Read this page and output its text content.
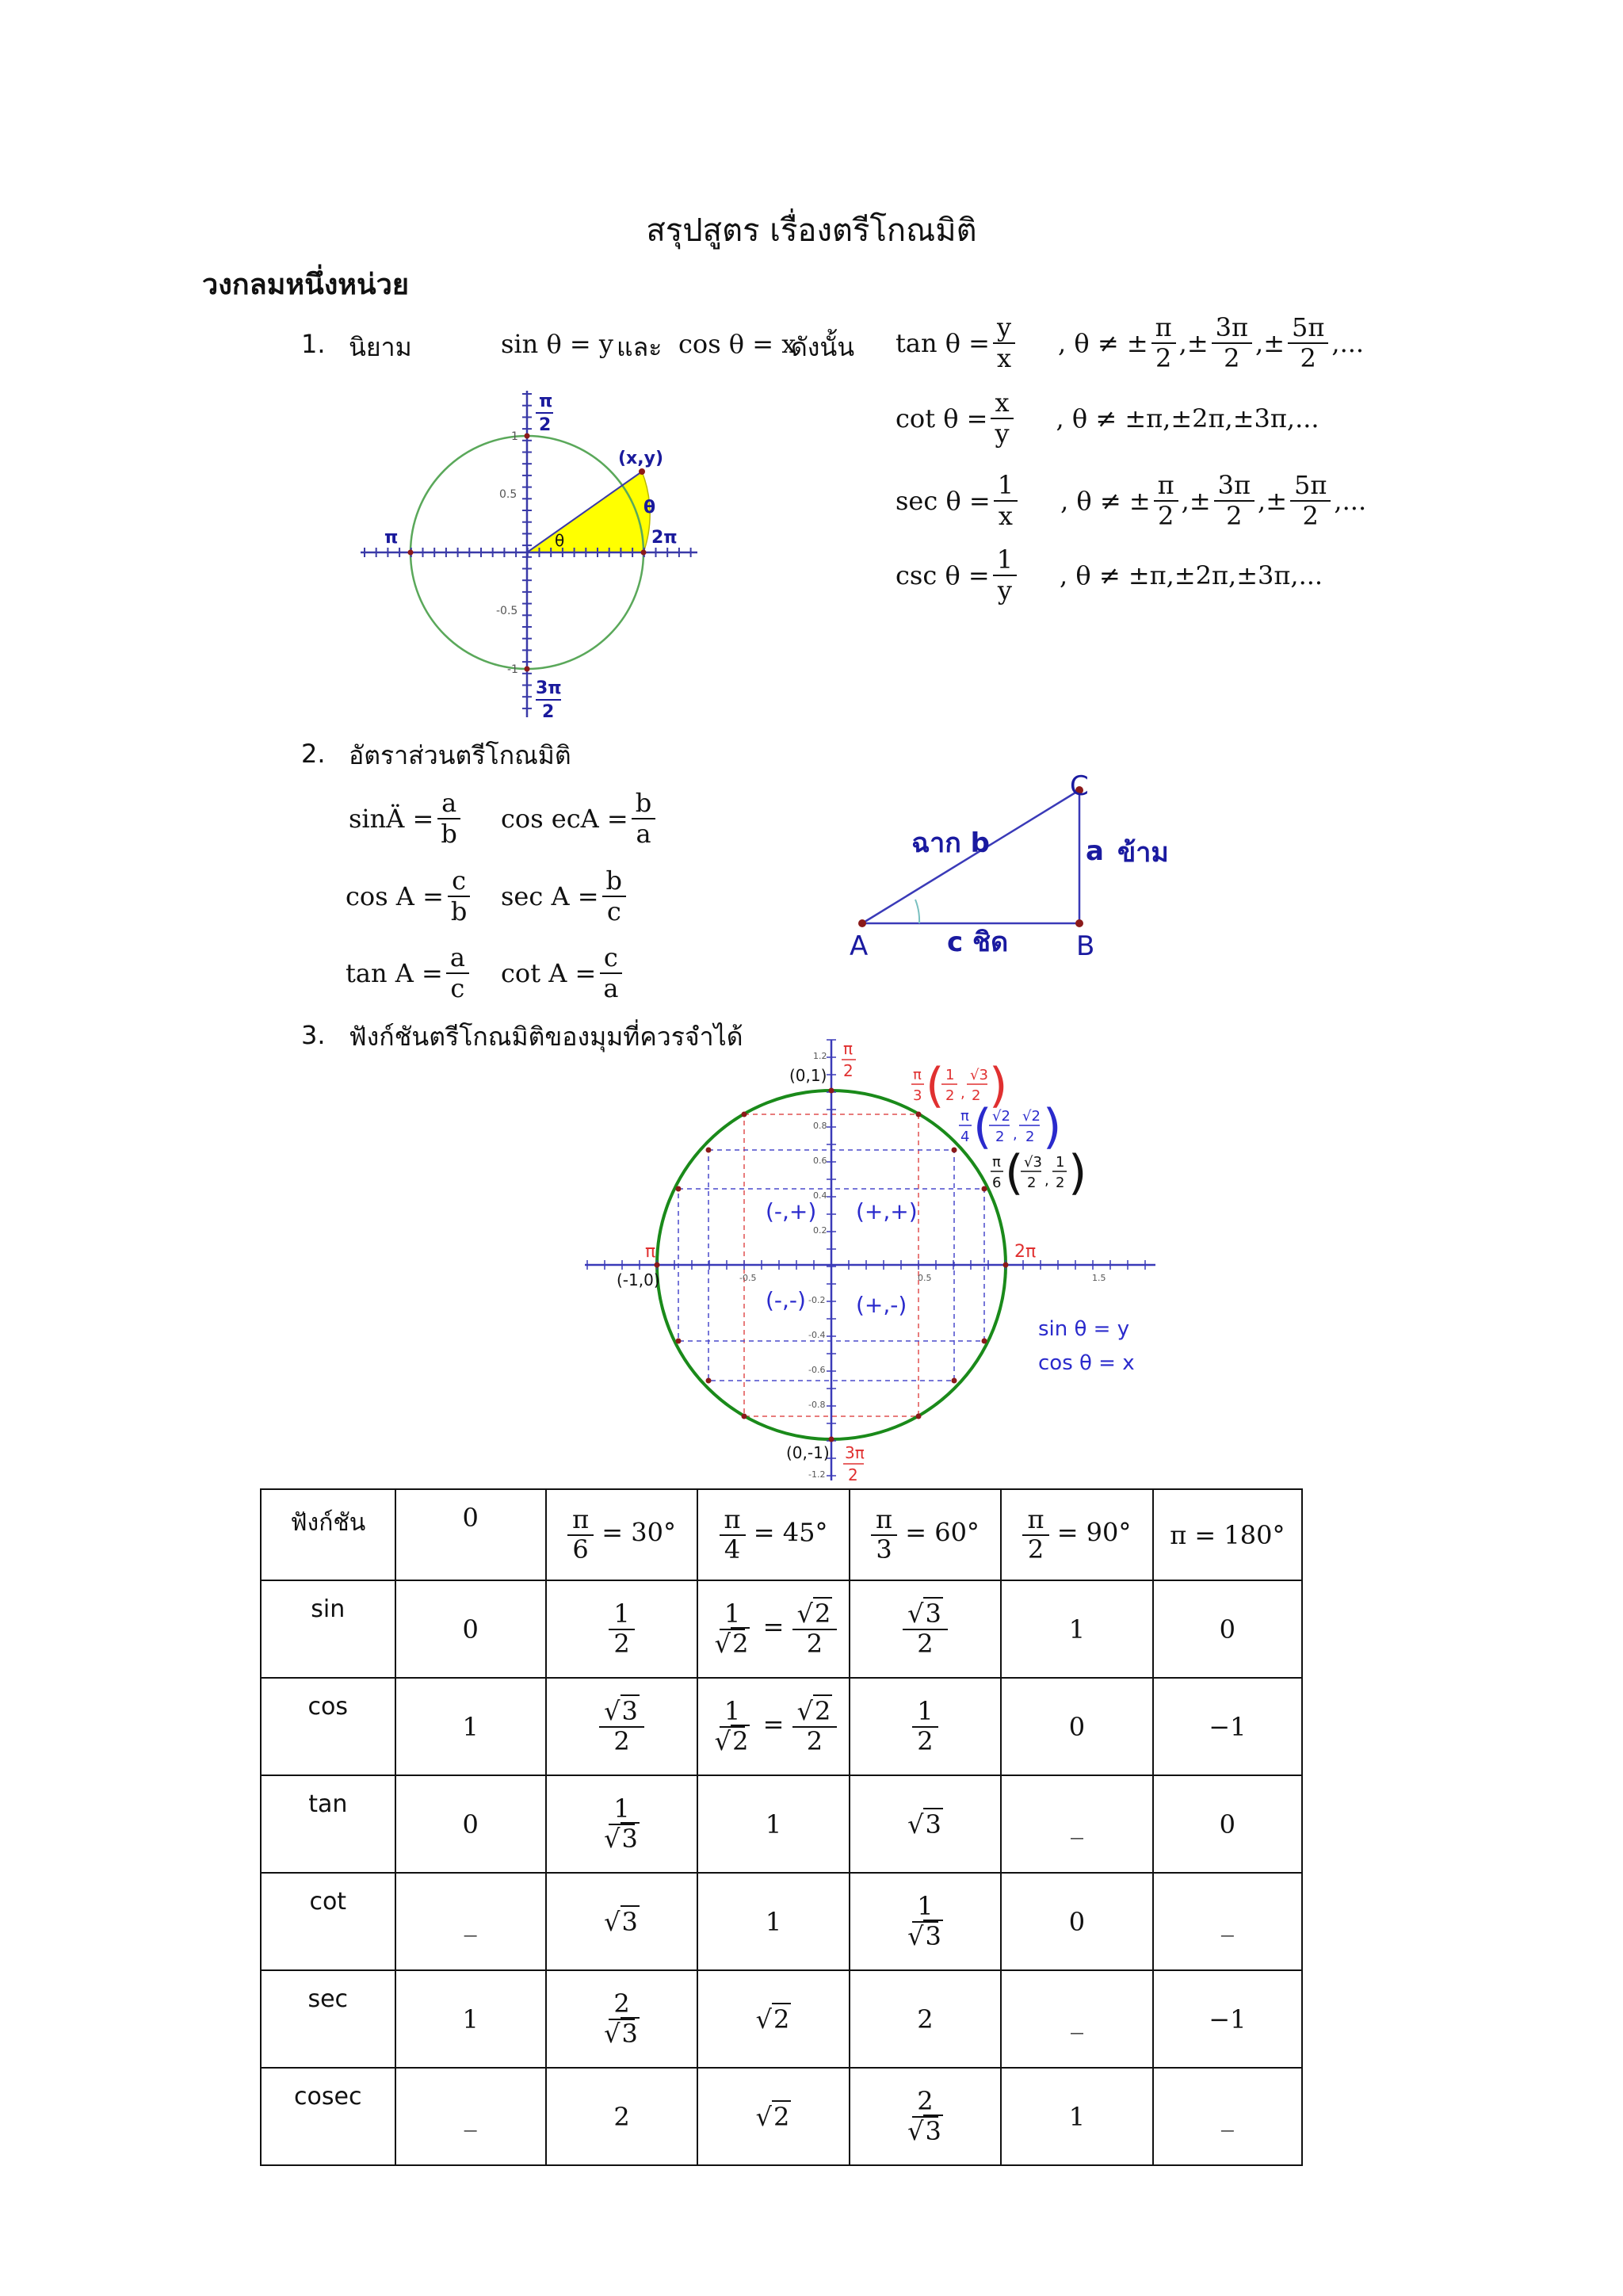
สรุปสูตร เรื่องตรีโกณมิติ
วงกลมหนึ่งหน่วย
1. นิยาม	sin θ = y และ cos θ = x
ดังนั้น $\tan \theta = \frac{y}{x}$ , θ ≠ ± $\frac{\pi}{2}$ ,± $\frac{3\pi}{2}$ ,± $\frac{5\pi}{2}$ ,...
$\cot \theta = \frac{x}{y}$ , θ ≠ ±π,±2π,±3π,...
$\sec \theta = \frac{1}{x}$ , θ ≠ ± $\frac{\pi}{2}$ ,± $\frac{3\pi}{2}$ ,± $\frac{5\pi}{2}$ ,...
$\csc \theta = \frac{1}{y}$ , θ ≠ ±π,±2π,±3π,...
π
2
(x,y)
θ
θ	2π
π
3π
2
0.5
-0.5
1
-1
2. อัตราส่วนตรีโกณมิติ
sinÄ = $\frac{a}{b}$ cos ecA = $\frac{b}{a}$
$\cos A = \frac{c}{b}$ $\sec A = \frac{b}{c}$
$\tan A = \frac{a}{c}$ $\cot A = \frac{c}{a}$	A	B
C
ฉาก b	a ข้าม
c ชิด
3. ฟังก์ชันตรีโกณมิติของมุมที่ควรจำได้
(0,1)
(0,-1)
(-1,0)
π
2
π	2π
3π
2
(-,+) (+,+)
(-,-) (+,-)
sin θ = y
cos θ = x
π
3 ( 1
2 ,
√3
2 )
π
4 ( √2
2 ,
√2
2 )
π
6 ( √3
2 ,
1
2 )
1.2
0.8
0.6
0.4
0.2
-0.2
-0.4
-0.6
-0.8
-1.2
-0.5	0.5	1.5
ฟังก์ชัน	0	$\frac{\pi}{6} = 30^\circ$	$\frac{\pi}{4} = 45^\circ$	$\frac{\pi}{3} = 60^\circ$	$\frac{\pi}{2} = 90^\circ$	π = 180°
sin	0	$\frac{1}{2}$	$\frac{1}{√2} = \frac{√2}{2}$	$\frac{√3}{2}$	1	0
cos	1	$\frac{√3}{2}$	$\frac{1}{√2} = \frac{√2}{2}$	$\frac{1}{2}$	0	−1
tan	0	$\frac{1}{√3}$	1	√3	_	0
cot	_	√3	1	$\frac{1}{√3}$	0	_
sec	1	$\frac{2}{√3}$	√2	2	_	−1
cosec	_	2	√2	$\frac{2}{√3}$	1	_
